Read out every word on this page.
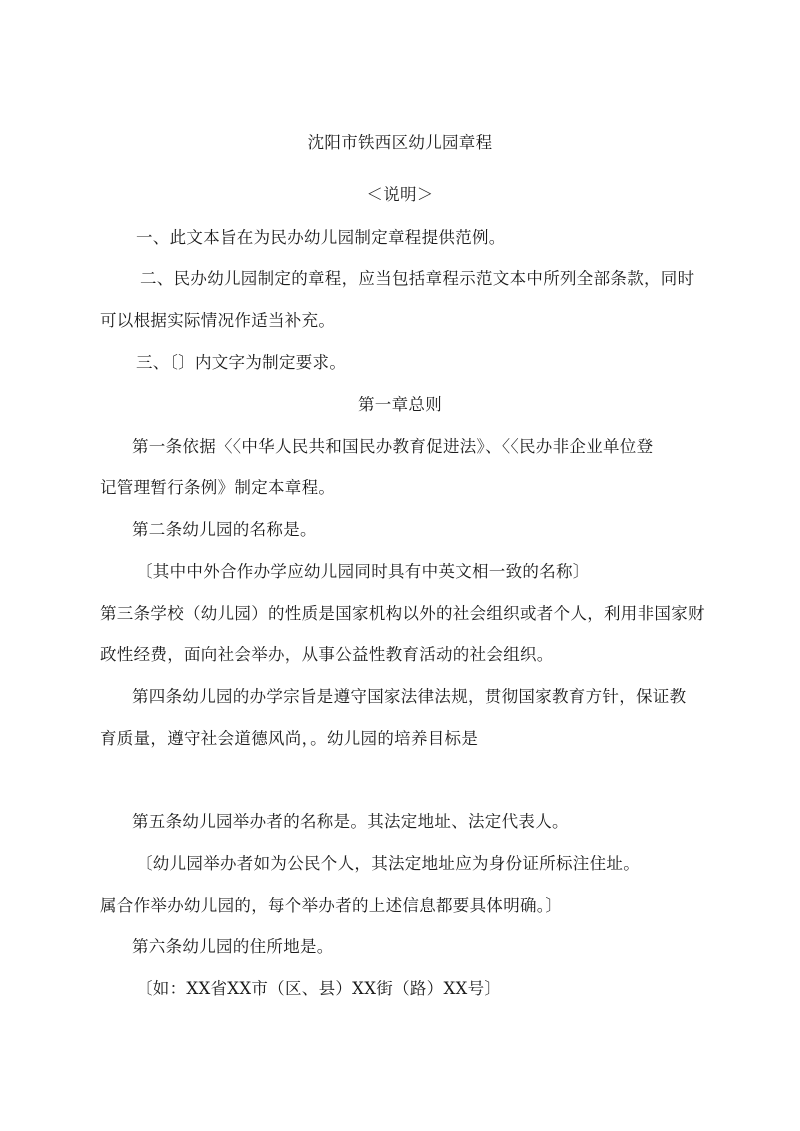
沈阳市铁西区幼儿园章程
＜说明＞
一、此文本旨在为民办幼儿园制定章程提供范例。
二、民办幼儿园制定的章程，应当包括章程示范文本中所列全部条款，同时
可以根据实际情况作适当补充。
三、〔〕内文字为制定要求。
第一章总则
第一条依据〈〈中华人民共和国民办教育促进法》、〈〈民办非企业单位登
记管理暂行条例》制定本章程。
第二条幼儿园的名称是。
〔其中中外合作办学应幼儿园同时具有中英文相一致的名称〕
第三条学校（幼儿园）的性质是国家机构以外的社会组织或者个人，利用非国家财
政性经费，面向社会举办，从事公益性教育活动的社会组织。
第四条幼儿园的办学宗旨是遵守国家法律法规，贯彻国家教育方针，保证教
育质量，遵守社会道德风尚，。幼儿园的培养目标是
第五条幼儿园举办者的名称是。其法定地址、法定代表人。
〔幼儿园举办者如为公民个人，其法定地址应为身份证所标注住址。
属合作举办幼儿园的，每个举办者的上述信息都要具体明确。〕
第六条幼儿园的住所地是。
〔如：XX省XX市（区、县）XX街（路）XX号〕
